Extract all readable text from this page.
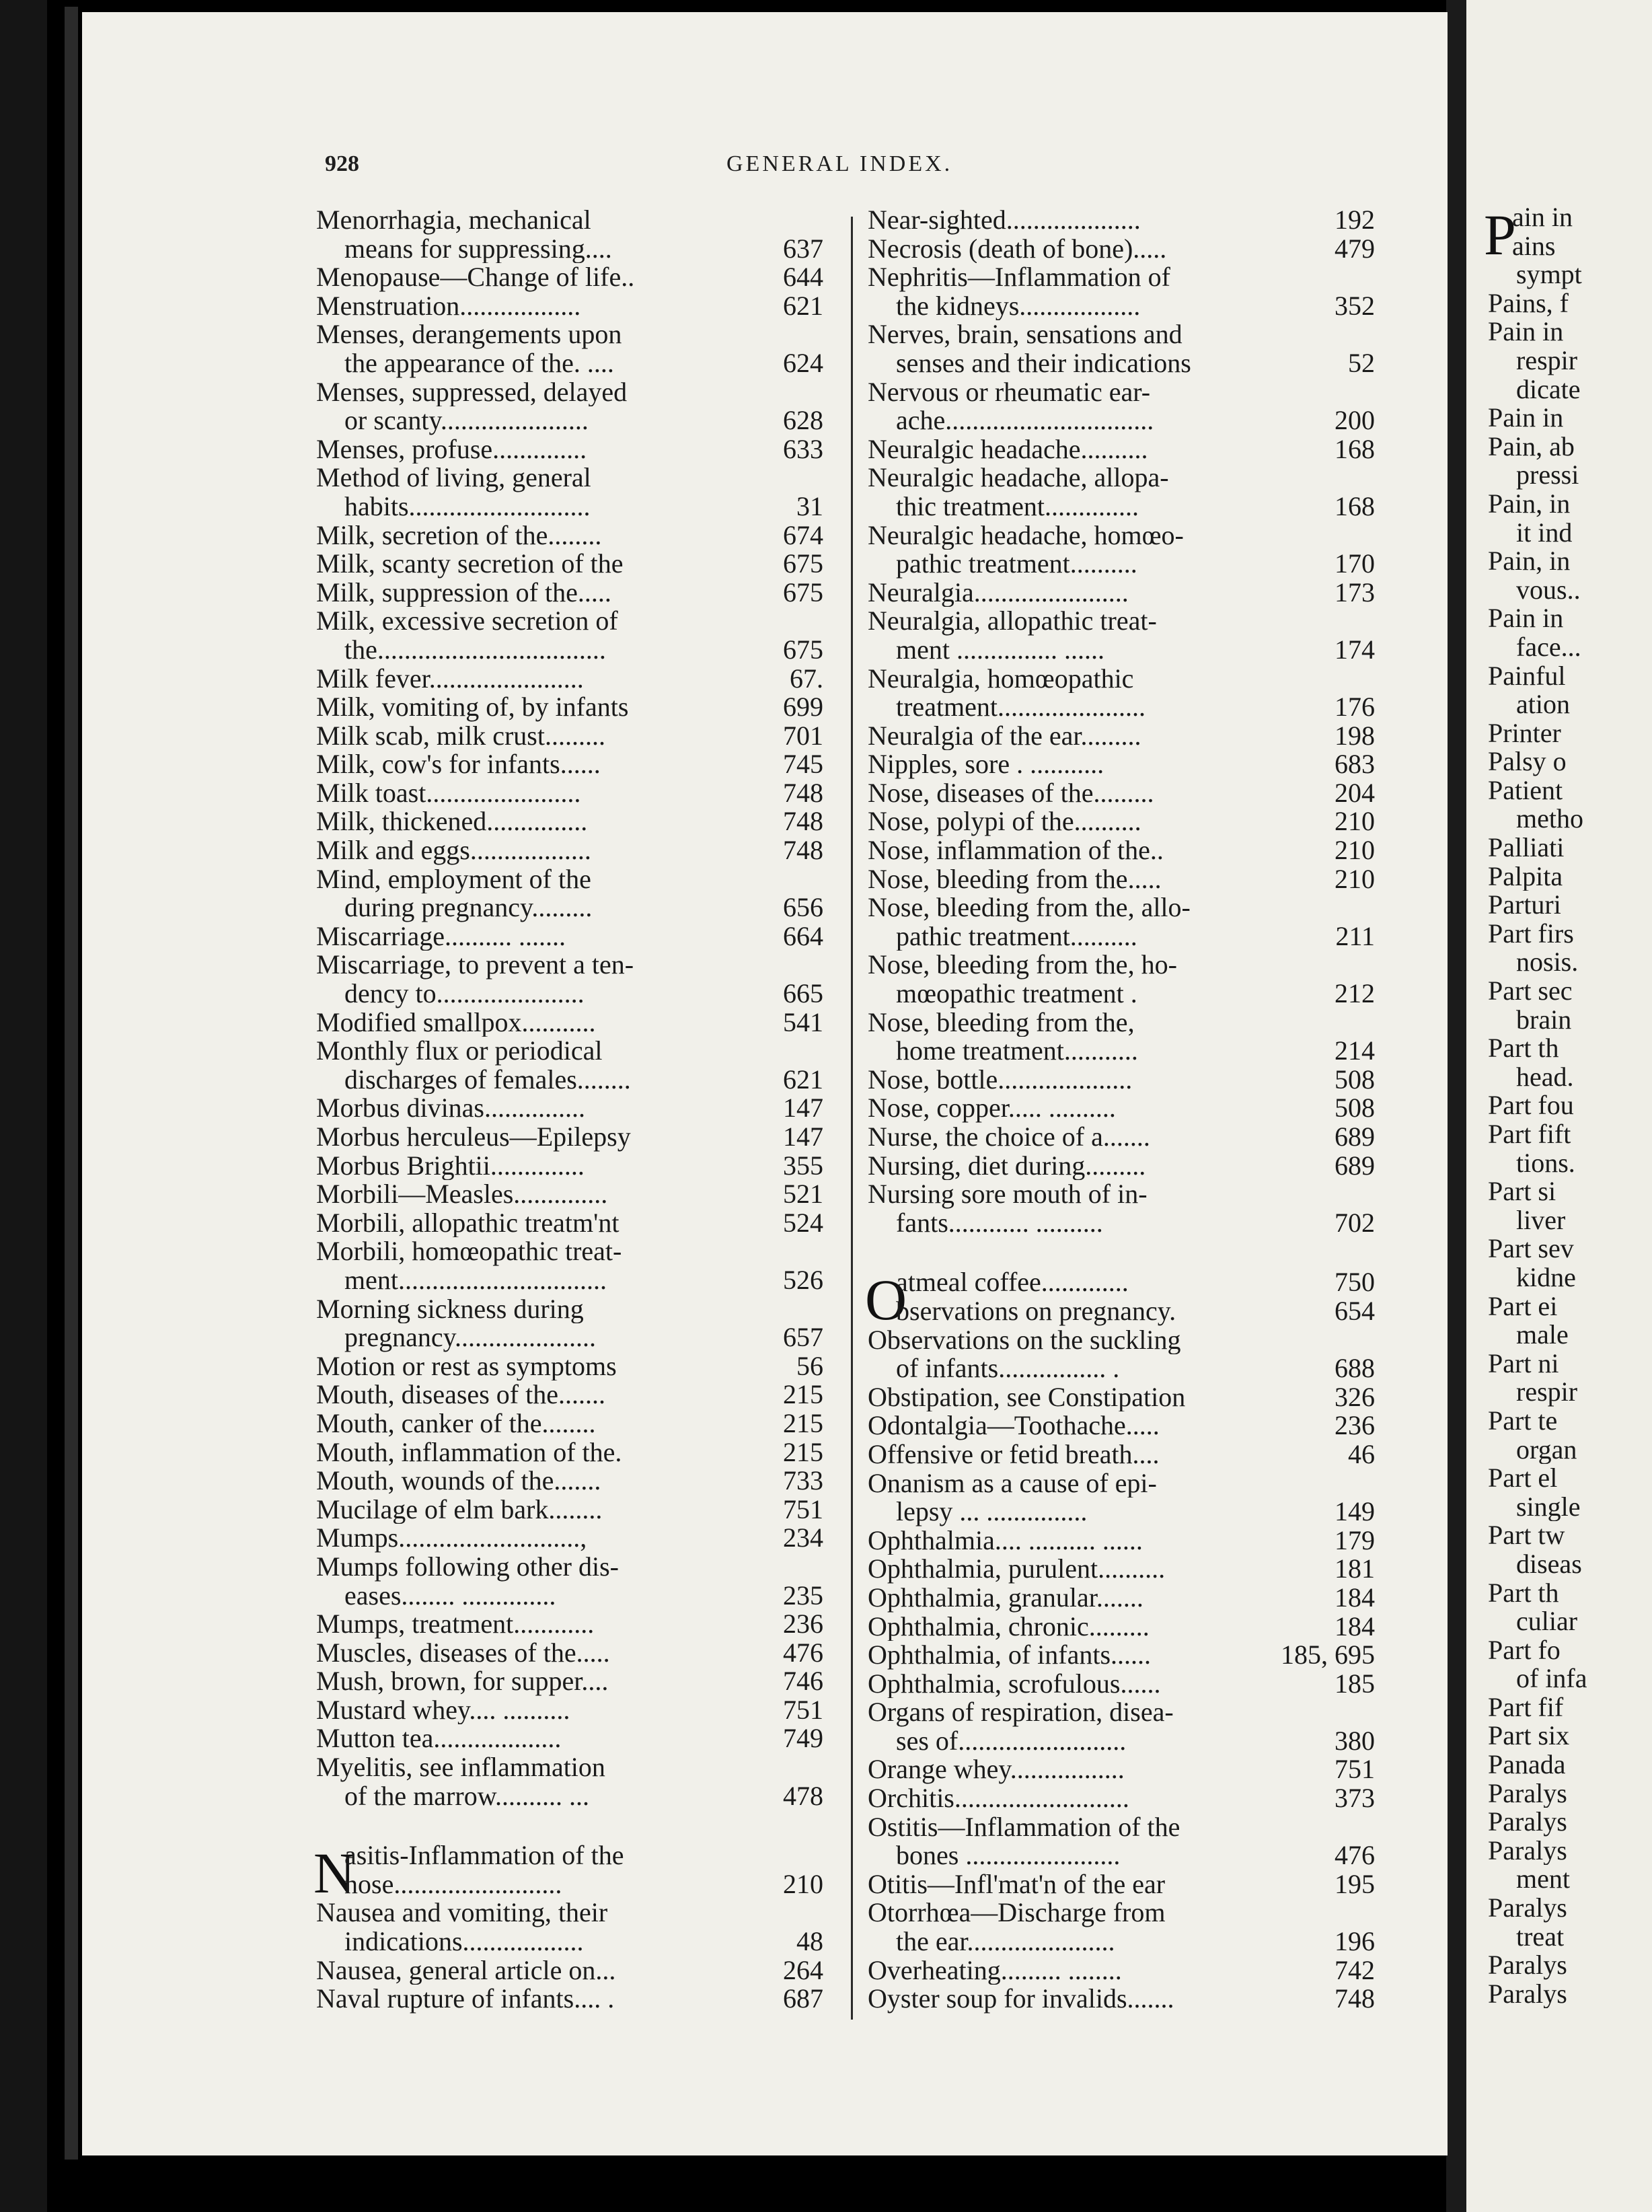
P
ain in
ains
sympt
Pains, f
Pain in
respir
dicate
Pain in
Pain, ab
pressi
Pain, in
it ind
Pain, in
vous..
Pain in
face...
Painful
ation
Printer
Palsy o
Patient
metho
Palliati
Palpita
Parturi
Part firs
nosis.
Part sec
brain
Part th
head.
Part fou
Part fift
tions.
Part si
liver
Part sev
kidne
Part ei
male
Part ni
respir
Part te
organ
Part el
single
Part tw
diseas
Part th
culiar
Part fo
of infa
Part fif
Part six
Panada
Paralys
Paralys
Paralys
ment
Paralys
treat
Paralys
Paralys
928	GENERAL INDEX.
Menorrhagia, mechanical
means for suppressing....	637
Menopause—Change of life..	644
Menstruation..................	621
Menses, derangements upon
the appearance of the. ....	624
Menses, suppressed, delayed
or scanty......................	628
Menses, profuse..............	633
Method of living, general
habits...........................	31
Milk, secretion of the........	674
Milk, scanty secretion of the	675
Milk, suppression of the.....	675
Milk, excessive secretion of
the..................................	675
Milk fever.......................	67.
Milk, vomiting of, by infants	699
Milk scab, milk crust.........	701
Milk, cow's for infants......	745
Milk toast.......................	748
Milk, thickened...............	748
Milk and eggs..................	748
Mind, employment of the
during pregnancy.........	656
Miscarriage.......... .......	664
Miscarriage, to prevent a ten-
dency to......................	665
Modified smallpox...........	541
Monthly flux or periodical
discharges of females........	621
Morbus divinas...............	147
Morbus herculeus—Epilepsy	147
Morbus Brightii..............	355
Morbili—Measles..............	521
Morbili, allopathic treatm'nt	524
Morbili, homœopathic treat-
ment...............................	526
Morning sickness during
pregnancy.....................	657
Motion or rest as symptoms	56
Mouth, diseases of the.......	215
Mouth, canker of the........	215
Mouth, inflammation of the.	215
Mouth, wounds of the.......	733
Mucilage of elm bark........	751
Mumps...........................,	234
Mumps following other dis-
eases........ ..............	235
Mumps, treatment............	236
Muscles, diseases of the.....	476
Mush, brown, for supper....	746
Mustard whey.... ..........	751
Mutton tea...................	749
Myelitis, see inflammation
of the marrow.......... ...	478
N
asitis-Inflammation of the
nose.........................	210
Nausea and vomiting, their
indications..................	48
Nausea, general article on...	264
Naval rupture of infants.... .	687
Near-sighted....................	192
Necrosis (death of bone).....	479
Nephritis—Inflammation of
the kidneys..................	352
Nerves, brain, sensations and
senses and their indications	52
Nervous or rheumatic ear-
ache...............................	200
Neuralgic headache..........	168
Neuralgic headache, allopa-
thic treatment..............	168
Neuralgic headache, homœo-
pathic treatment..........	170
Neuralgia.......................	173
Neuralgia, allopathic treat-
ment ............... ......	174
Neuralgia, homœopathic
treatment......................	176
Neuralgia of the ear.........	198
Nipples, sore . ...........	683
Nose, diseases of the.........	204
Nose, polypi of the..........	210
Nose, inflammation of the..	210
Nose, bleeding from the.....	210
Nose, bleeding from the, allo-
pathic treatment..........	211
Nose, bleeding from the, ho-
mœopathic treatment .	212
Nose, bleeding from the,
home treatment...........	214
Nose, bottle....................	508
Nose, copper..... ..........	508
Nurse, the choice of a.......	689
Nursing, diet during.........	689
Nursing sore mouth of in-
fants............ ..........	702
O
atmeal coffee.............	750
bservations on pregnancy.	654
Observations on the suckling
of infants................ .	688
Obstipation, see Constipation	326
Odontalgia—Toothache.....	236
Offensive or fetid breath....	46
Onanism as a cause of epi-
lepsy ... ...............	149
Ophthalmia.... .......... ......	179
Ophthalmia, purulent..........	181
Ophthalmia, granular.......	184
Ophthalmia, chronic.........	184
Ophthalmia, of infants......	185, 695
Ophthalmia, scrofulous......	185
Organs of respiration, disea-
ses of.........................	380
Orange whey.................	751
Orchitis..........................	373
Ostitis—Inflammation of the
bones .......................	476
Otitis—Infl'mat'n of the ear	195
Otorrhœa—Discharge from
the ear......................	196
Overheating......... ........	742
Oyster soup for invalids.......	748
